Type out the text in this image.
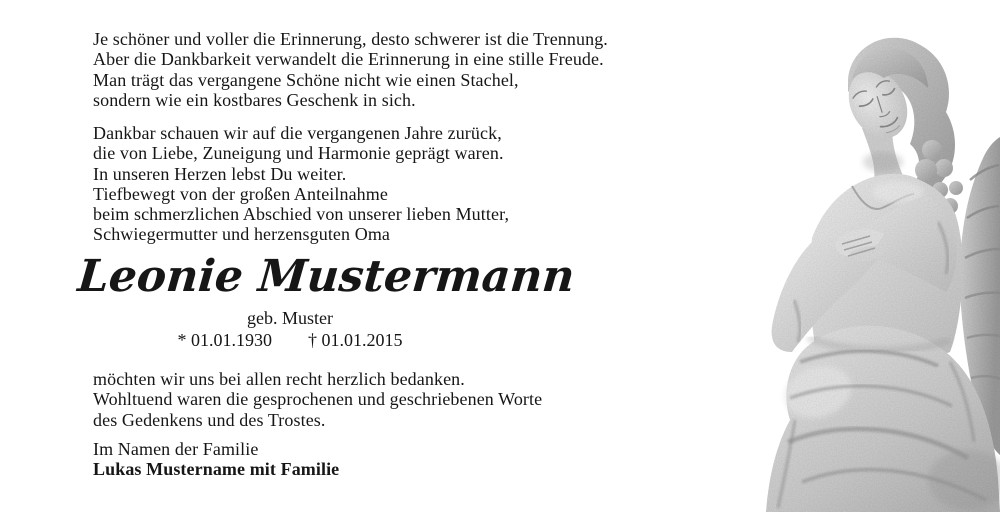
Je schöner und voller die Erinnerung, desto schwerer ist die Trennung.
Aber die Dankbarkeit verwandelt die Erinnerung in eine stille Freude.
Man trägt das vergangene Schöne nicht wie einen Stachel,
sondern wie ein kostbares Geschenk in sich.
Dankbar schauen wir auf die vergangenen Jahre zurück,
die von Liebe, Zuneigung und Harmonie geprägt waren.
In unseren Herzen lebst Du weiter.
Tiefbewegt von der großen Anteilnahme
beim schmerzlichen Abschied von unserer lieben Mutter,
Schwiegermutter und herzensguten Oma
Leonie Mustermann
geb. Muster
* 01.01.1930 † 01.01.2015
möchten wir uns bei allen recht herzlich bedanken.
Wohltuend waren die gesprochenen und geschriebenen Worte
des Gedenkens und des Trostes.
Im Namen der Familie
Lukas Mustername mit Familie
